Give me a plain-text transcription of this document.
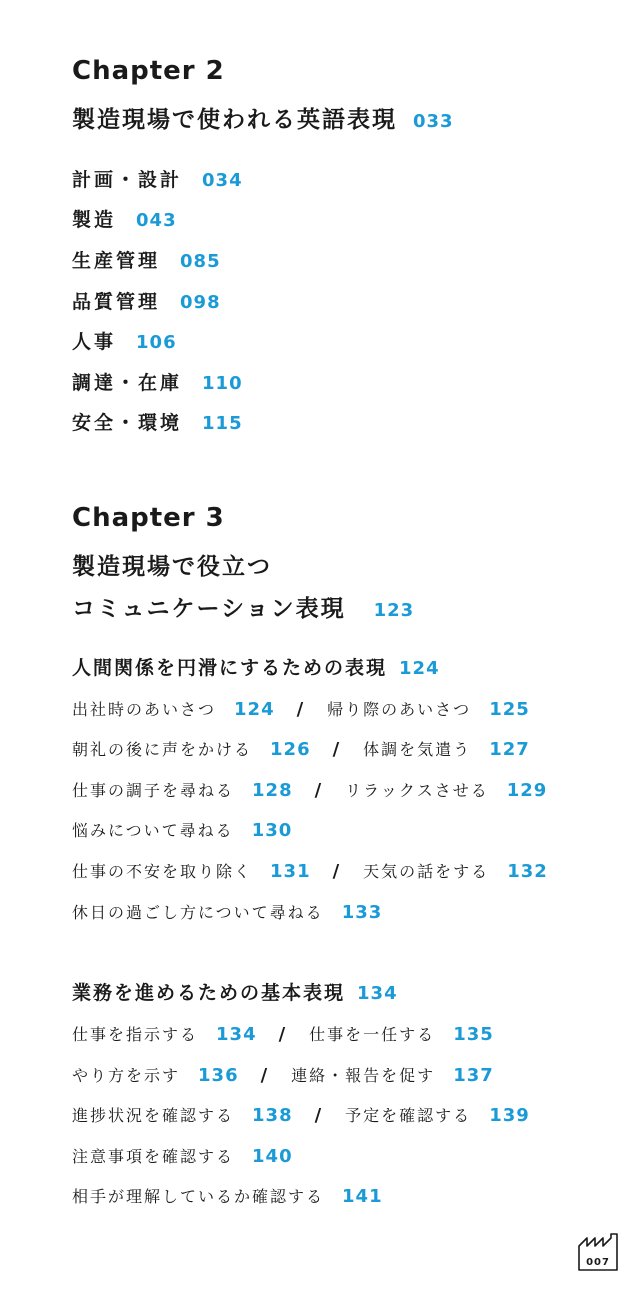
Chapter 2
製造現場で使われる英語表現 033
計画・設計 034
製造 043
生産管理 085
品質管理 098
人事 106
調達・在庫 110
安全・環境 115
Chapter 3
製造現場で役立つ
コミュニケーション表現 123
人間関係を円滑にするための表現 124
出社時のあいさつ 124 / 帰り際のあいさつ 125
朝礼の後に声をかける 126 / 体調を気遣う 127
仕事の調子を尋ねる 128 / リラックスさせる 129
悩みについて尋ねる 130
仕事の不安を取り除く 131 / 天気の話をする 132
休日の過ごし方について尋ねる 133
業務を進めるための基本表現 134
仕事を指示する 134 / 仕事を一任する 135
やり方を示す 136 / 連絡・報告を促す 137
進捗状況を確認する 138 / 予定を確認する 139
注意事項を確認する 140
相手が理解しているか確認する 141
007
